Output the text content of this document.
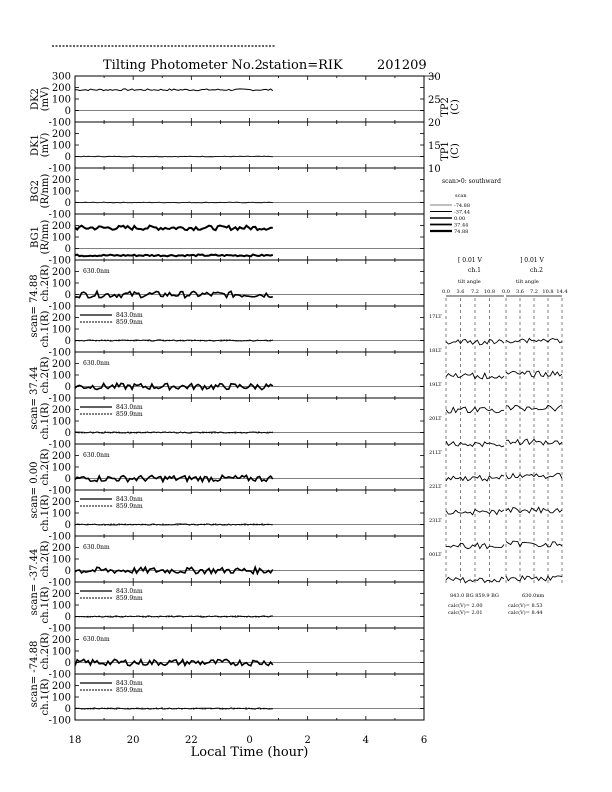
Tilting Photometer No.2 station=RIK	201209
300
200
100
0
-100
200
100
0
-100
200
100
0
-100
200
100
0
-100
200
100
0
-100
200
100
0
-100
200
100
0
-100
200
100
0
-100
200
100
0
-100
200
100
0
-100
200
100
0
-100
200
100
0
-100
200
100
0
-100
200
100
0
-100
DK2 (mV)
DK1 (mV)
BG2 (R/nm)
BG1 (R/nm)
scan= 74.88 ch.2(R)
ch.1(R)
630.0nm
843.0nm
859.9nm
scan= 37.44 ch.2(R)
ch.1(R)
630.0nm
843.0nm
859.9nm
scan= 0.00 ch.2(R)
ch.1(R)
630.0nm
843.0nm
859.9nm
scan= -37.44 ch.2(R)
ch.1(R)
630.0nm
843.0nm
859.9nm
scan= -74.88 ch.2(R)
ch.1(R)
630.0nm
843.0nm
859.9nm
30
25
20
15
10
TP2 (C)
TP1 (C)
18	20	22	0	2	4	6
Local Time (hour)
scan>0: southward
scan
-74.88
-37.44
0.00
37.44
74.88
[ 0.01 V
ch.1
] 0.01 V
ch.2
tilt angle	tilt angle
0.0 3.6 7.2 10.8 0.0 3.6 7.2 10.8 14.4
17LT
18LT
19LT
20LT
21LT
22LT
23LT
00LT
843.0 BG 859.9 BG	630.0nm
calc(V)= 2.00
calc(V)= 2.01
calc(V)= 8.53
calc(V)= 8.44
